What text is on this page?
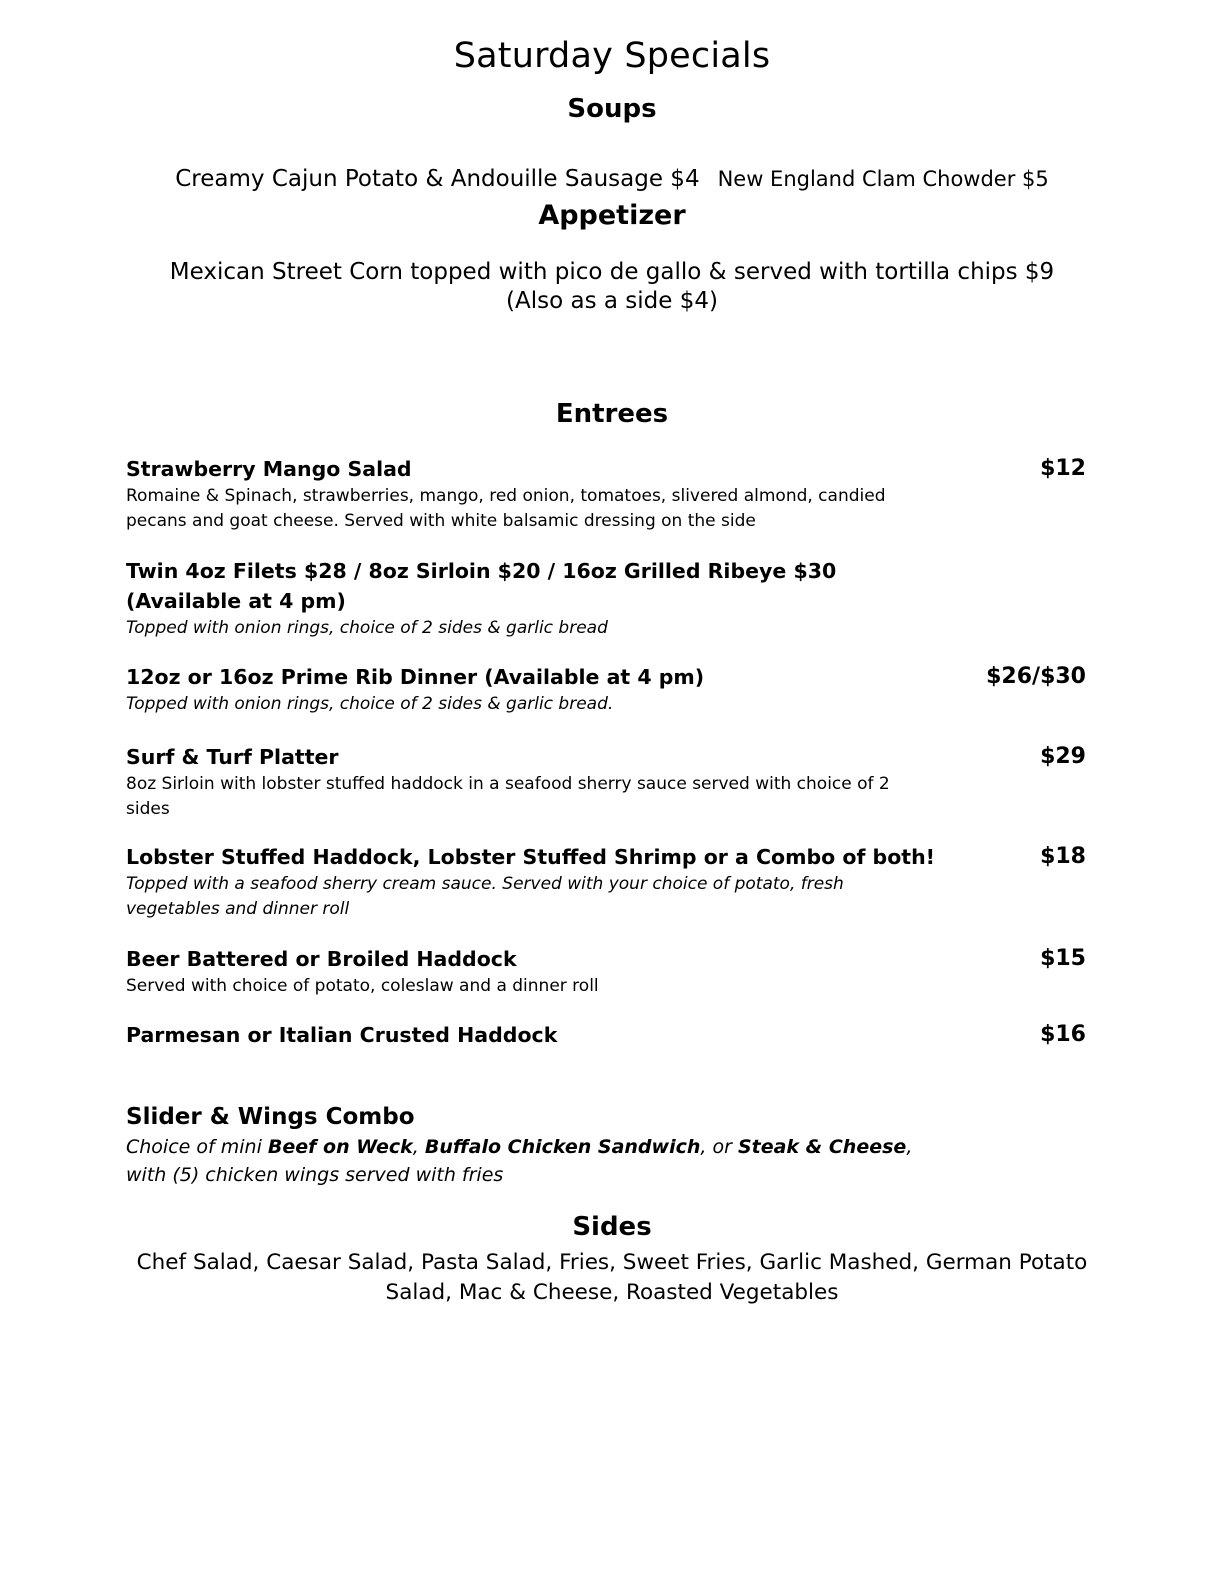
Saturday Specials
Soups
Creamy Cajun Potato & Andouille Sausage $4 New England Clam Chowder $5
Appetizer
Mexican Street Corn topped with pico de gallo & served with tortilla chips $9
(Also as a side $4)
Entrees
Strawberry Mango Salad	$12
Romaine & Spinach, strawberries, mango, red onion, tomatoes, slivered almond, candied pecans and goat cheese. Served with white balsamic dressing on the side
Twin 4oz Filets $28 / 8oz Sirloin $20 / 16oz Grilled Ribeye $30 (Available at 4 pm)
Topped with onion rings, choice of 2 sides & garlic bread
12oz or 16oz Prime Rib Dinner (Available at 4 pm)	$26/$30
Topped with onion rings, choice of 2 sides & garlic bread.
Surf & Turf Platter	$29
8oz Sirloin with lobster stuffed haddock in a seafood sherry sauce served with choice of 2 sides
Lobster Stuffed Haddock, Lobster Stuffed Shrimp or a Combo of both!	$18
Topped with a seafood sherry cream sauce. Served with your choice of potato, fresh vegetables and dinner roll
Beer Battered or Broiled Haddock	$15
Served with choice of potato, coleslaw and a dinner roll
Parmesan or Italian Crusted Haddock	$16
Slider & Wings Combo
Choice of mini Beef on Weck, Buffalo Chicken Sandwich, or Steak & Cheese,
with (5) chicken wings served with fries
Sides
Chef Salad, Caesar Salad, Pasta Salad, Fries, Sweet Fries, Garlic Mashed, German Potato Salad, Mac & Cheese, Roasted Vegetables
